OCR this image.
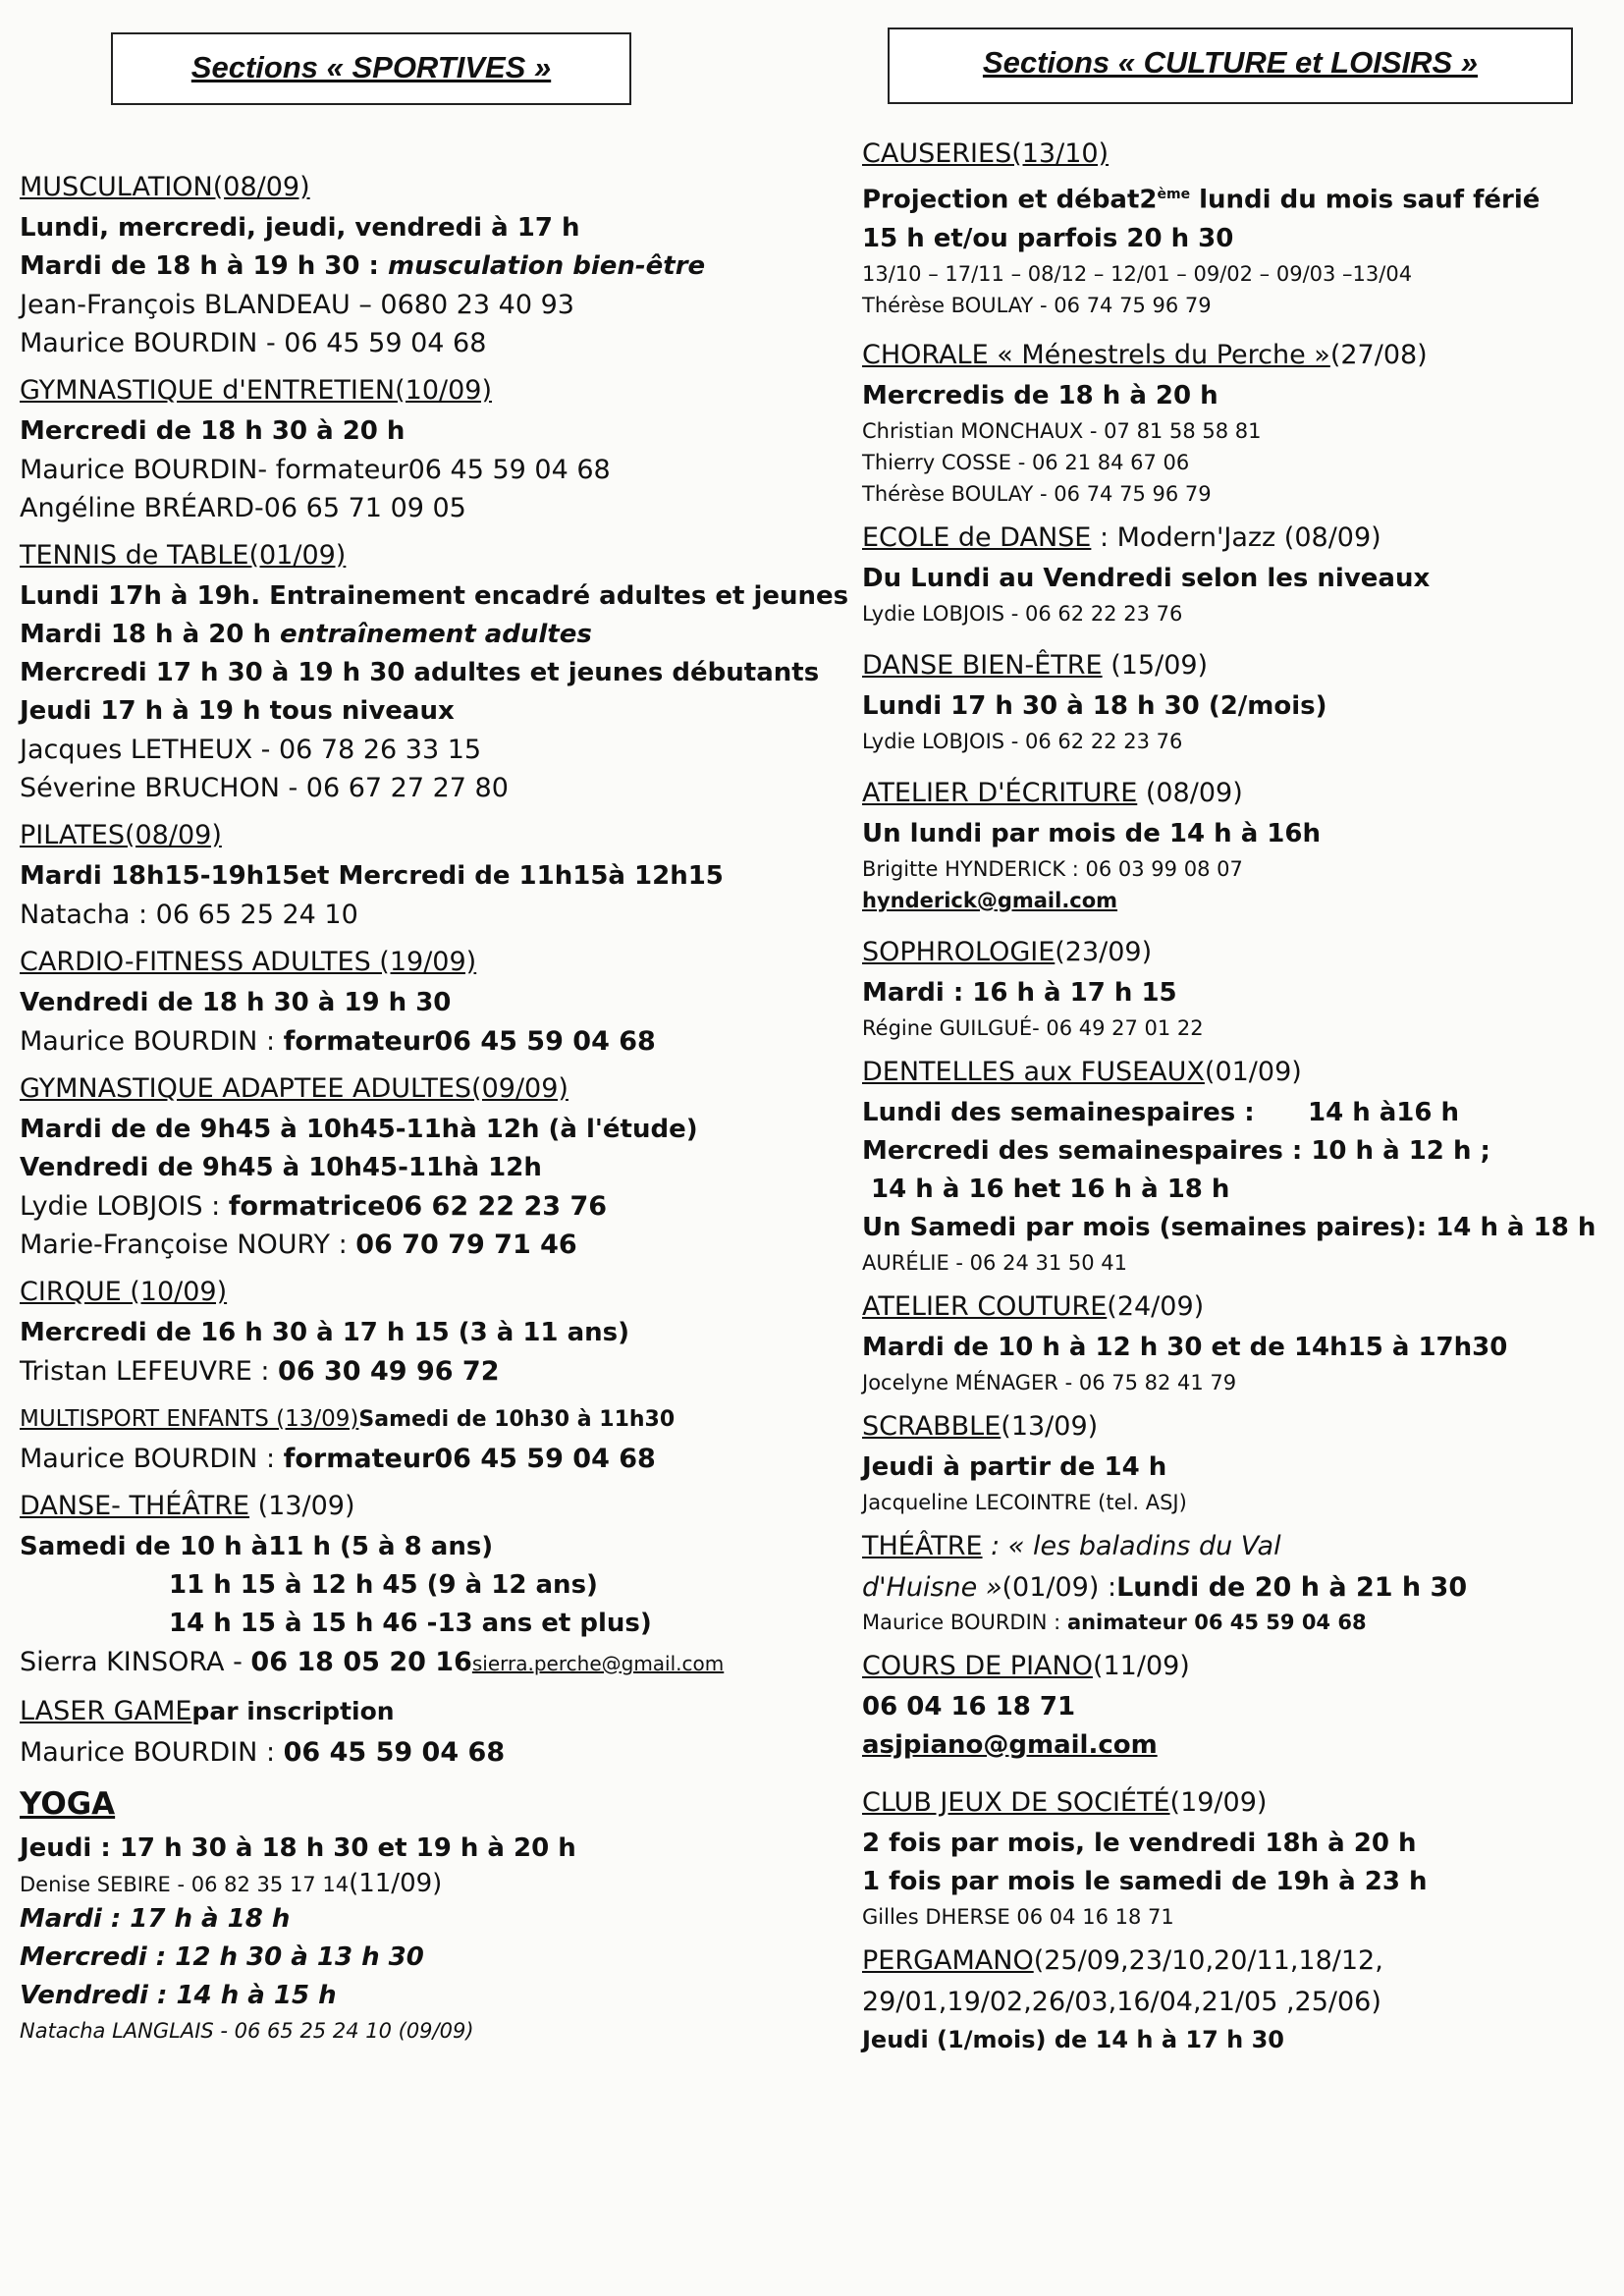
Sections « SPORTIVES »
MUSCULATION(08/09)
Lundi, mercredi, jeudi, vendredi à 17 h
Mardi de 18 h à 19 h 30 : musculation bien-être
Jean-François BLANDEAU – 0680 23 40 93
Maurice BOURDIN - 06 45 59 04 68
GYMNASTIQUE d'ENTRETIEN(10/09)
Mercredi de 18 h 30 à 20 h
Maurice BOURDIN- formateur06 45 59 04 68
Angéline BRÉARD-06 65 71 09 05
TENNIS de TABLE(01/09)
Lundi 17h à 19h. Entrainement encadré adultes et jeunes
Mardi 18 h à 20 h entraînement adultes
Mercredi 17 h 30 à 19 h 30 adultes et jeunes débutants
Jeudi 17 h à 19 h tous niveaux
Jacques LETHEUX - 06 78 26 33 15
Séverine BRUCHON - 06 67 27 27 80
PILATES(08/09)
Mardi 18h15-19h15et Mercredi de 11h15à 12h15
Natacha : 06 65 25 24 10
CARDIO-FITNESS ADULTES (19/09)
Vendredi de 18 h 30 à 19 h 30
Maurice BOURDIN : formateur06 45 59 04 68
GYMNASTIQUE ADAPTEE ADULTES(09/09)
Mardi de de 9h45 à 10h45-11hà 12h (à l'étude)
Vendredi de 9h45 à 10h45-11hà 12h
Lydie LOBJOIS : formatrice06 62 22 23 76
Marie-Françoise NOURY : 06 70 79 71 46
CIRQUE (10/09)
Mercredi de 16 h 30 à 17 h 15 (3 à 11 ans)
Tristan LEFEUVRE : 06 30 49 96 72
MULTISPORT ENFANTS (13/09)Samedi de 10h30 à 11h30
Maurice BOURDIN : formateur06 45 59 04 68
DANSE- THÉÂTRE (13/09)
Samedi de 10 h à11 h (5 à 8 ans)
11 h 15 à 12 h 45 (9 à 12 ans)
14 h 15 à 15 h 46 -13 ans et plus)
Sierra KINSORA - 06 18 05 20 16sierra.perche@gmail.com
LASER GAMEpar inscription
Maurice BOURDIN : 06 45 59 04 68
YOGA
Jeudi : 17 h 30 à 18 h 30 et 19 h à 20 h
Denise SEBIRE - 06 82 35 17 14(11/09)
Mardi : 17 h à 18 h
Mercredi : 12 h 30 à 13 h 30
Vendredi : 14 h à 15 h
Natacha LANGLAIS - 06 65 25 24 10 (09/09)
Sections « CULTURE et LOISIRS »
CAUSERIES(13/10)
Projection et débat2ème lundi du mois sauf férié
15 h et/ou parfois 20 h 30
13/10 – 17/11 – 08/12 – 12/01 – 09/02 – 09/03 –13/04
Thérèse BOULAY - 06 74 75 96 79
CHORALE « Ménestrels du Perche »(27/08)
Mercredis de 18 h à 20 h
Christian MONCHAUX - 07 81 58 58 81
Thierry COSSE - 06 21 84 67 06
Thérèse BOULAY - 06 74 75 96 79
ECOLE de DANSE : Modern'Jazz (08/09)
Du Lundi au Vendredi selon les niveaux
Lydie LOBJOIS - 06 62 22 23 76
DANSE BIEN-ÊTRE (15/09)
Lundi 17 h 30 à 18 h 30 (2/mois)
Lydie LOBJOIS - 06 62 22 23 76
ATELIER D'ÉCRITURE (08/09)
Un lundi par mois de 14 h à 16h
Brigitte HYNDERICK : 06 03 99 08 07
hynderick@gmail.com
SOPHROLOGIE(23/09)
Mardi : 16 h à 17 h 15
Régine GUILGUÉ- 06 49 27 01 22
DENTELLES aux FUSEAUX(01/09)
Lundi des semainespaires :      14 h à16 h
Mercredi des semainespaires : 10 h à 12 h ;
14 h à 16 het 16 h à 18 h
Un Samedi par mois (semaines paires): 14 h à 18 h
AURÉLIE - 06 24 31 50 41
ATELIER COUTURE(24/09)
Mardi de 10 h à 12 h 30 et de 14h15 à 17h30
Jocelyne MÉNAGER - 06 75 82 41 79
SCRABBLE(13/09)
Jeudi à partir de 14 h
Jacqueline LECOINTRE (tel. ASJ)
THÉÂTRE : « les baladins du Val
d'Huisne »(01/09) :Lundi de 20 h à 21 h 30
Maurice BOURDIN : animateur 06 45 59 04 68
COURS DE PIANO(11/09)
06 04 16 18 71
asjpiano@gmail.com
CLUB JEUX DE SOCIÉTÉ(19/09)
2 fois par mois, le vendredi 18h à 20 h
1 fois par mois le samedi de 19h à 23 h
Gilles DHERSE 06 04 16 18 71
PERGAMANO(25/09,23/10,20/11,18/12,
29/01,19/02,26/03,16/04,21/05 ,25/06)
Jeudi (1/mois) de 14 h à 17 h 30
